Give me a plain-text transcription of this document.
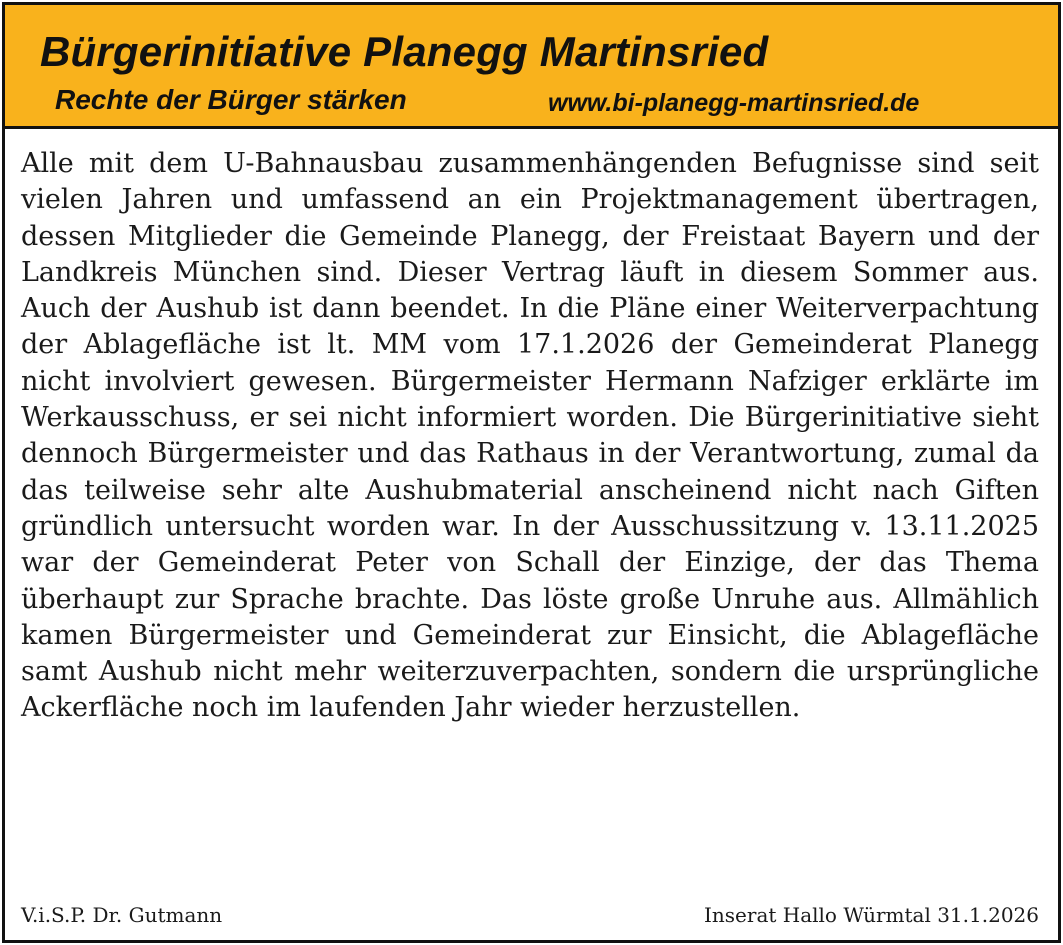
Bürgerinitiative Planegg Martinsried
Rechte der Bürger stärken	www.bi-planegg-martinsried.de
Alle mit dem U-Bahnausbau zusammenhängenden Befugnisse sind seit vielen Jahren und umfassend an ein Projektmanagement übertragen, dessen Mitglieder die Gemeinde Planegg, der Freistaat Bayern und der Landkreis München sind. Dieser Vertrag läuft in diesem Sommer aus. Auch der Aushub ist dann beendet. In die Pläne einer Weiterverpachtung der Ablagefläche ist lt. MM vom 17.1.2026 der Gemeinderat Planegg nicht involviert gewesen. Bürgermeister Hermann Nafziger erklärte im Werkausschuss, er sei nicht informiert worden. Die Bürgerinitiative sieht dennoch Bürgermeister und das Rathaus in der Verantwortung, zumal da das teilweise sehr alte Aushubmaterial anscheinend nicht nach Giften gründlich untersucht worden war. In der Ausschussitzung v. 13.11.2025 war der Gemeinderat Peter von Schall der Einzige, der das Thema überhaupt zur Sprache brachte. Das löste große Unruhe aus. Allmählich kamen Bürgermeister und Gemeinderat zur Einsicht, die Ablagefläche samt Aushub nicht mehr weiterzuverpachten, sondern die ursprüngliche Ackerfläche noch im laufenden Jahr wieder herzustellen.
V.i.S.P. Dr. Gutmann	Inserat Hallo Würmtal 31.1.2026
